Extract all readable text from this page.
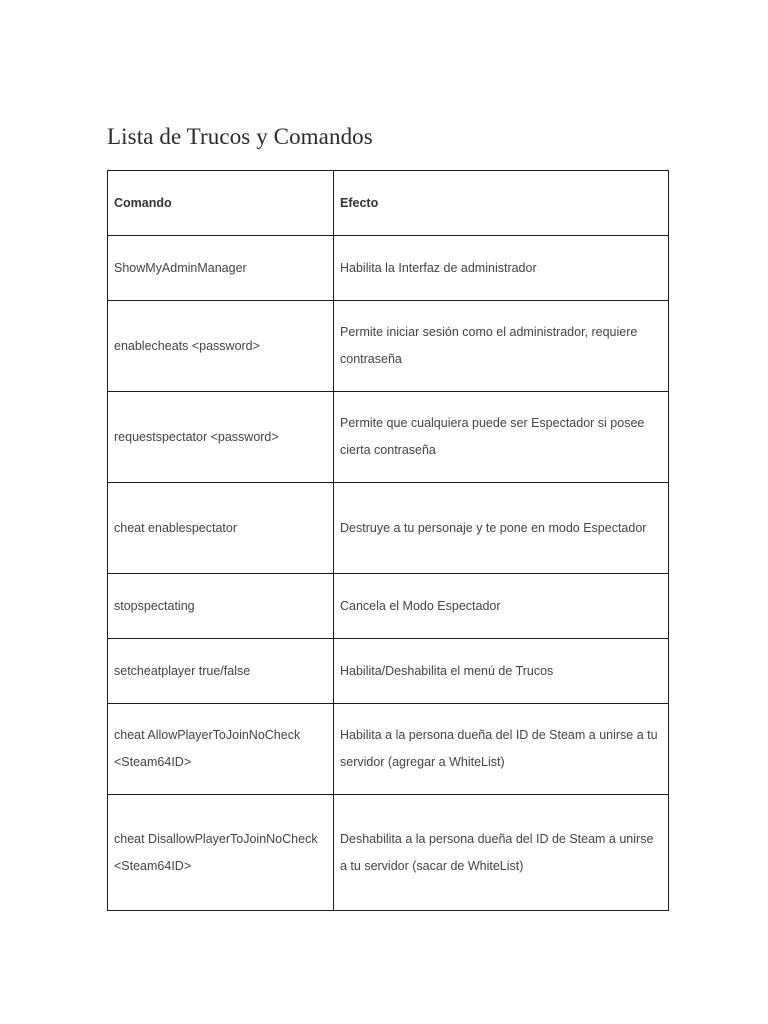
Lista de Trucos y Comandos
Comando	Efecto
ShowMyAdminManager	Habilita la Interfaz de administrador
enablecheats <password>	Permite iniciar sesión como el administrador, requiere contraseña
requestspectator <password>	Permite que cualquiera puede ser Espectador si posee cierta contraseña
cheat enablespectator	Destruye a tu personaje y te pone en modo Espectador
stopspectating	Cancela el Modo Espectador
setcheatplayer true/false	Habilita/Deshabilita el menú de Trucos
cheat AllowPlayerToJoinNoCheck <Steam64ID>	Habilita a la persona dueña del ID de Steam a unirse a tu servidor (agregar a WhiteList)
cheat DisallowPlayerToJoinNoCheck <Steam64ID>	Deshabilita a la persona dueña del ID de Steam a unirse a tu servidor (sacar de WhiteList)
